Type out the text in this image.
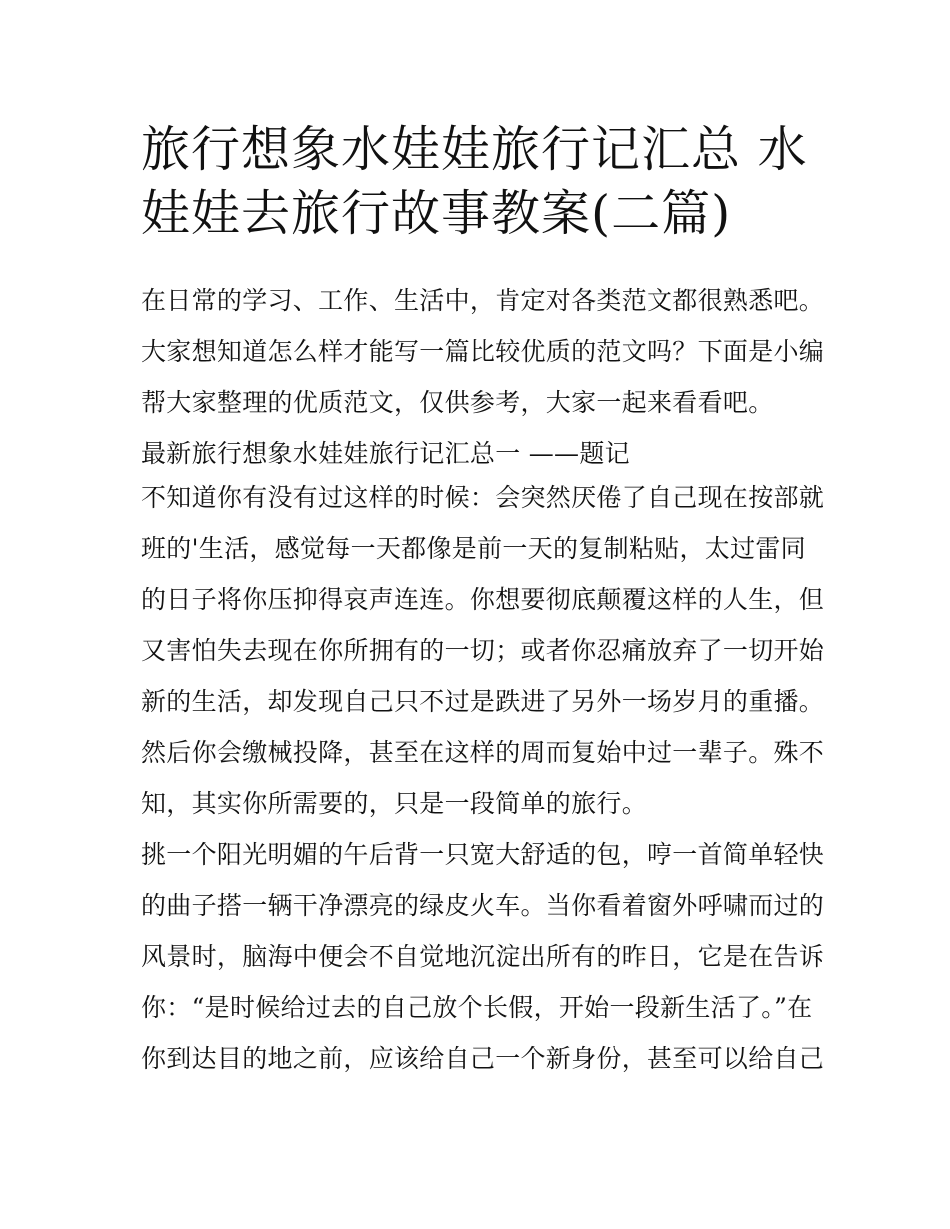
旅行想象水娃娃旅行记汇总 水
娃娃去旅行故事教案(二篇)
在日常的学习、工作、生活中，肯定对各类范文都很熟悉吧。
大家想知道怎么样才能写一篇比较优质的范文吗？下面是小编
帮大家整理的优质范文，仅供参考，大家一起来看看吧。
最新旅行想象水娃娃旅行记汇总一 ——题记
不知道你有没有过这样的时候：会突然厌倦了自己现在按部就
班的'生活，感觉每一天都像是前一天的复制粘贴，太过雷同
的日子将你压抑得哀声连连。你想要彻底颠覆这样的人生，但
又害怕失去现在你所拥有的一切；或者你忍痛放弃了一切开始
新的生活，却发现自己只不过是跌进了另外一场岁月的重播。
然后你会缴械投降，甚至在这样的周而复始中过一辈子。殊不
知，其实你所需要的，只是一段简单的旅行。
挑一个阳光明媚的午后背一只宽大舒适的包，哼一首简单轻快
的曲子搭一辆干净漂亮的绿皮火车。当你看着窗外呼啸而过的
风景时，脑海中便会不自觉地沉淀出所有的昨日，它是在告诉
你：“是时候给过去的自己放个长假，开始一段新生活了。”在
你到达目的地之前，应该给自己一个新身份，甚至可以给自己
